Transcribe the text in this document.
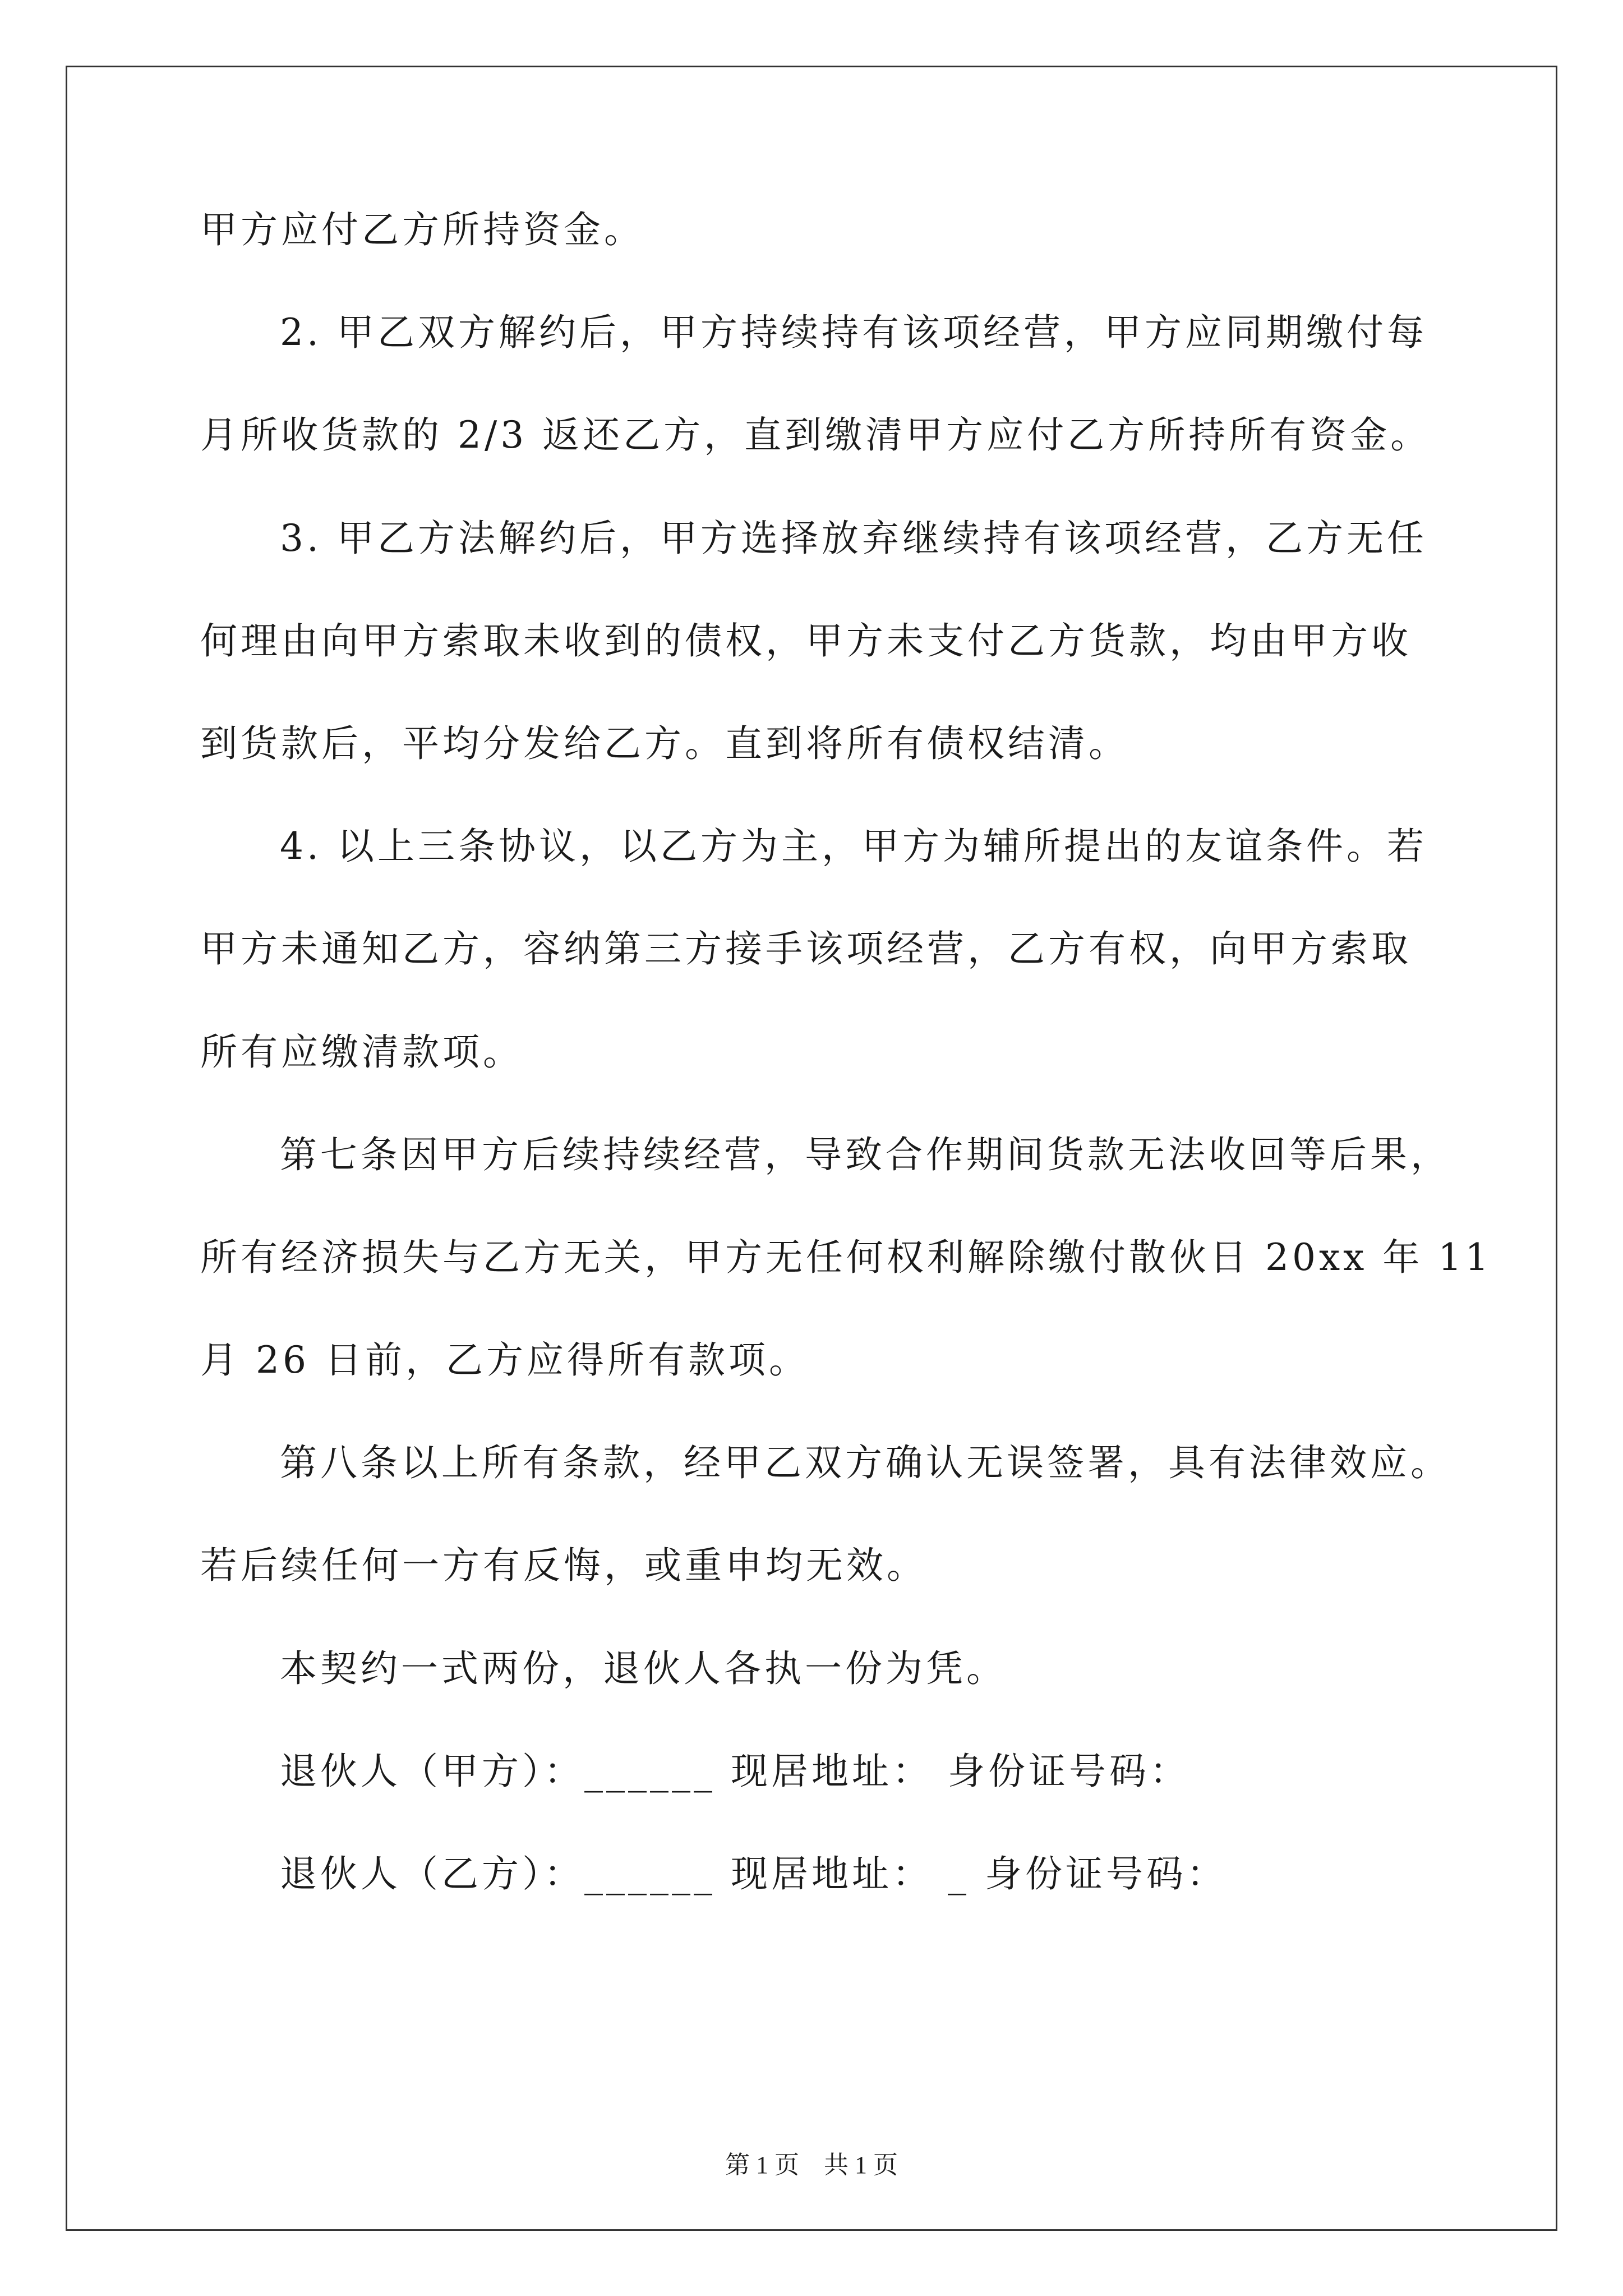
甲方应付乙方所持资金。
2. 甲乙双方解约后，甲方持续持有该项经营，甲方应同期缴付每
月所收货款的 2/3 返还乙方，直到缴清甲方应付乙方所持所有资金。
3. 甲乙方法解约后，甲方选择放弃继续持有该项经营，乙方无任
何理由向甲方索取未收到的债权，甲方未支付乙方货款，均由甲方收
到货款后，平均分发给乙方。直到将所有债权结清。
4. 以上三条协议，以乙方为主，甲方为辅所提出的友谊条件。若
甲方未通知乙方，容纳第三方接手该项经营，乙方有权，向甲方索取
所有应缴清款项。
第七条因甲方后续持续经营，导致合作期间货款无法收回等后果，
所有经济损失与乙方无关，甲方无任何权利解除缴付散伙日 20xx 年 11
月 26 日前，乙方应得所有款项。
第八条以上所有条款，经甲乙双方确认无误签署，具有法律效应。
若后续任何一方有反悔，或重申均无效。
本契约一式两份，退伙人各执一份为凭。
退伙人（甲方）：______ 现居地址： 身份证号码：
退伙人（乙方）：______ 现居地址： _ 身份证号码：
第 1 页　共 1 页
